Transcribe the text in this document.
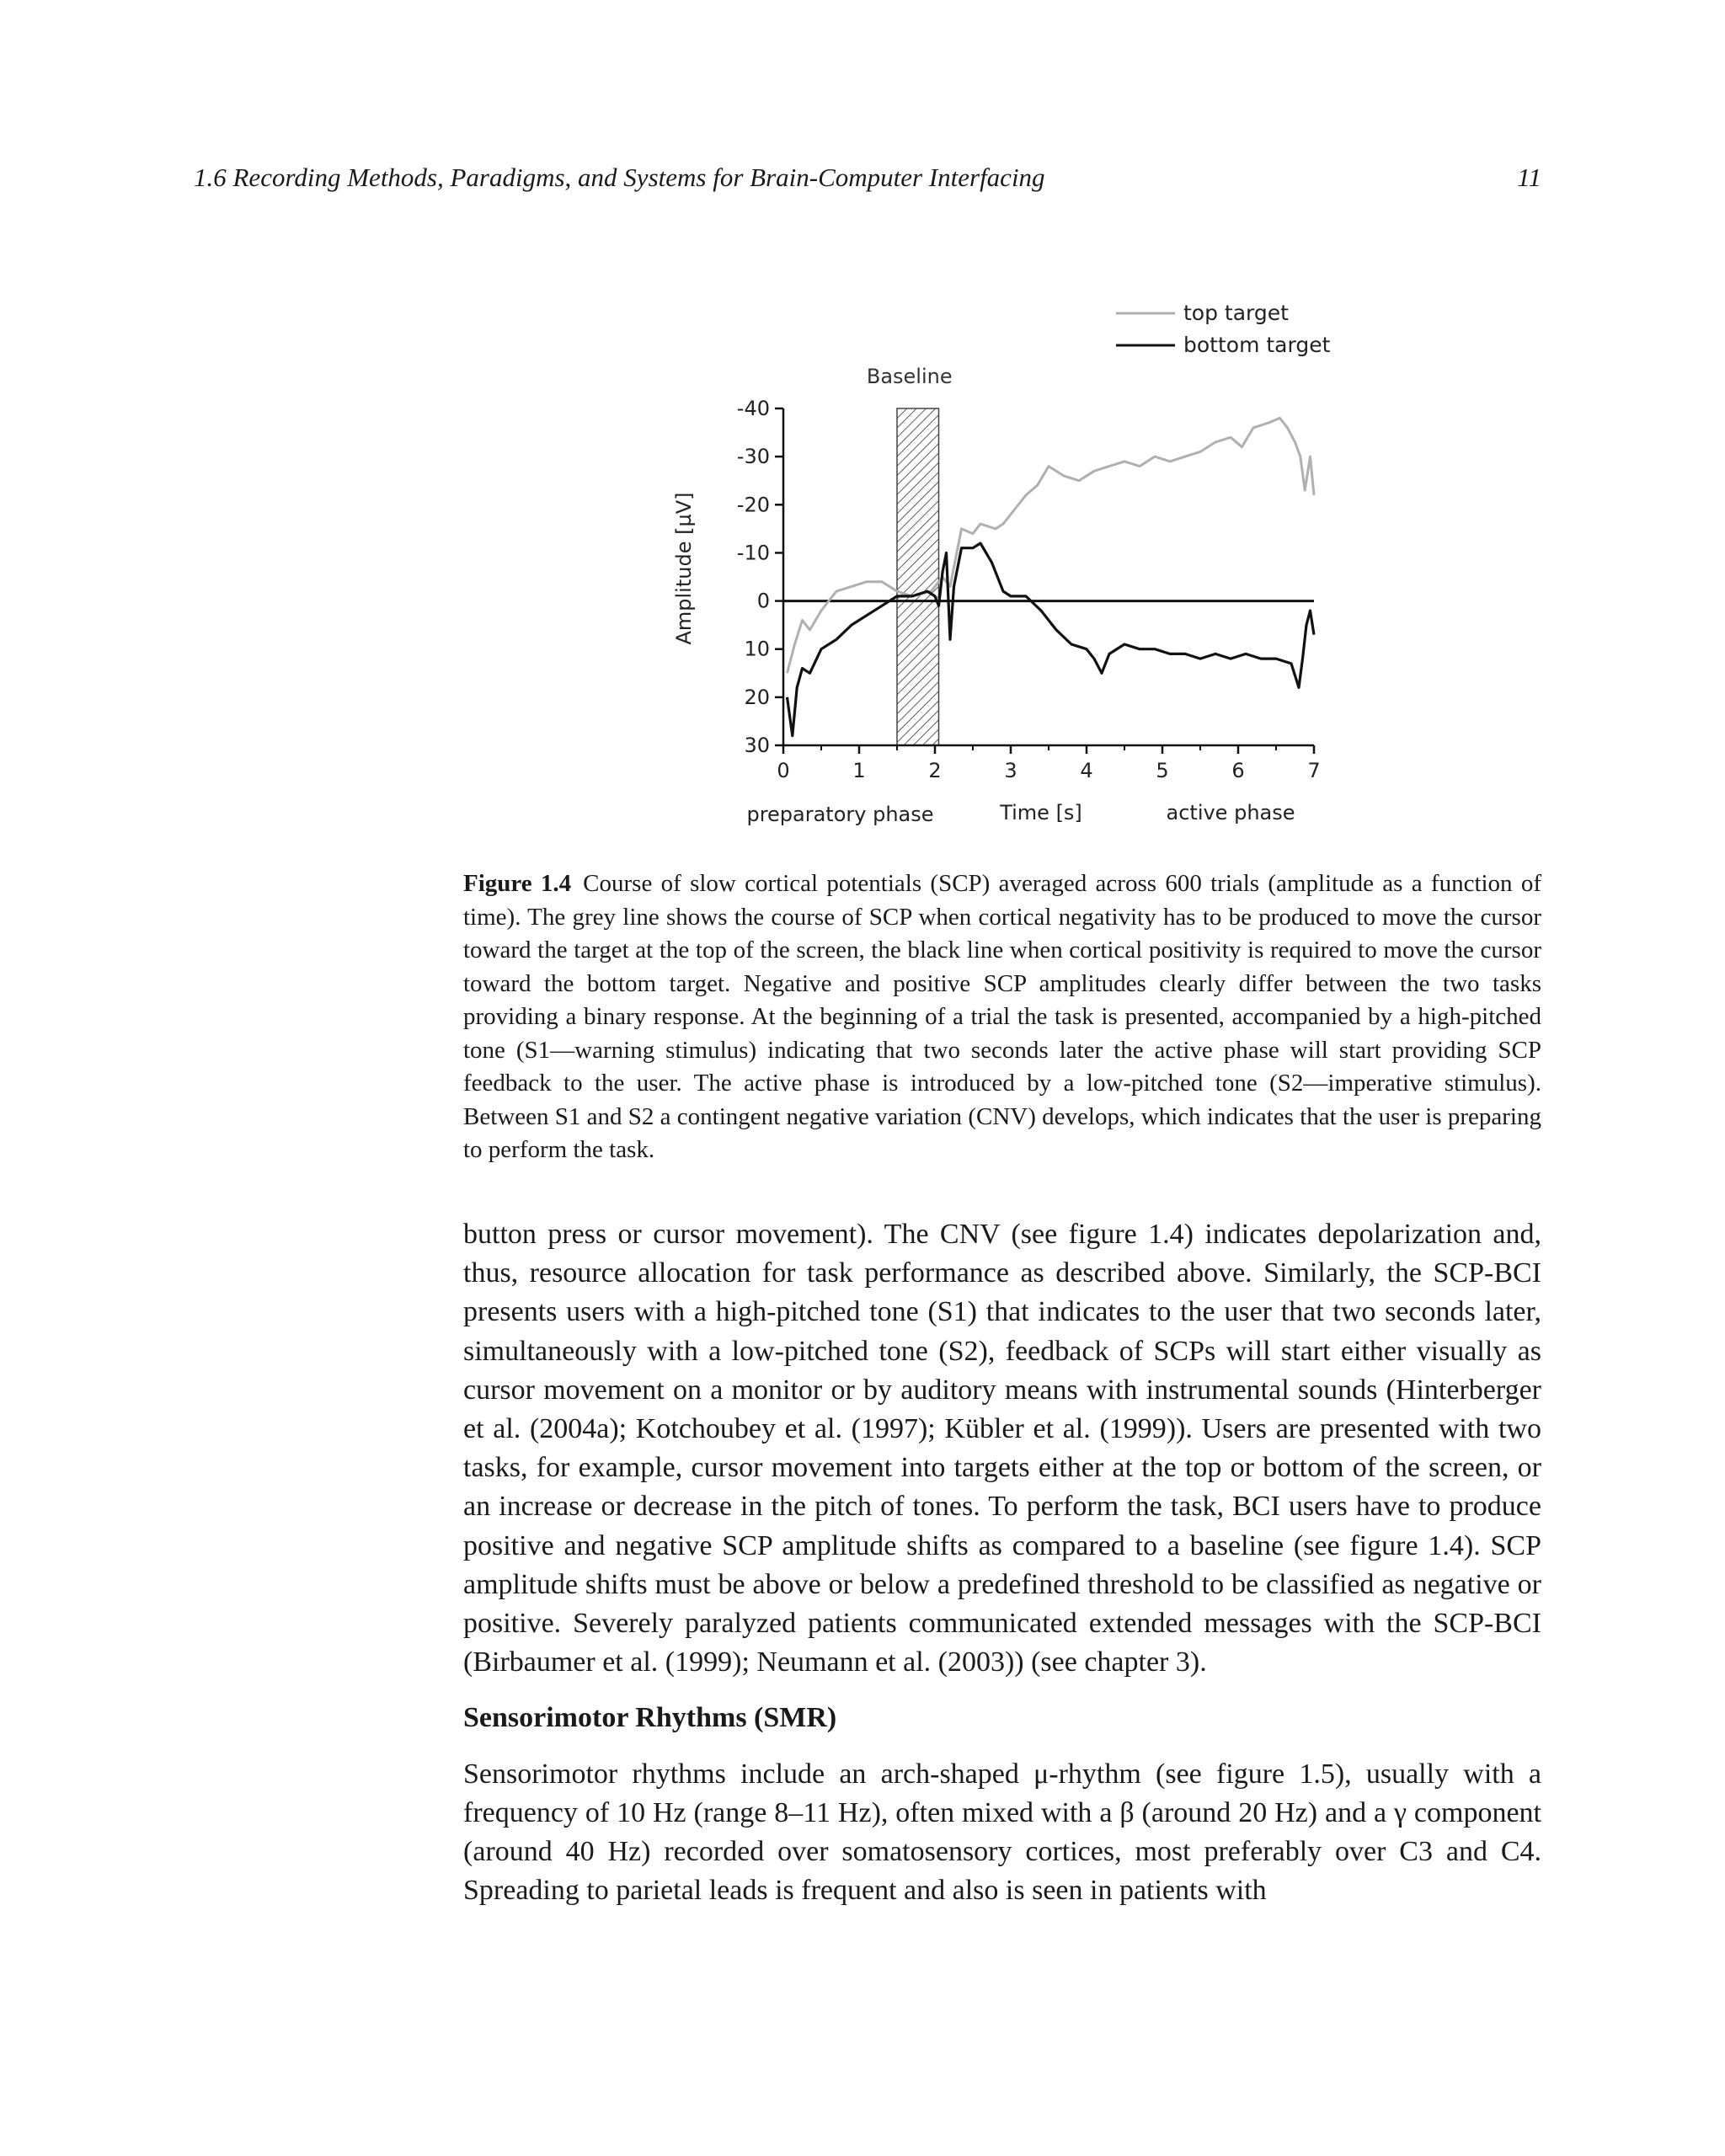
1.6 Recording Methods, Paradigms, and Systems for Brain-Computer Interfacing	11
Baseline
-40
-30
-20
-10
0
10
20
30
0	1	2	3	4	5	6	7
Amplitude [µV]
Time [s]
preparatory phase	active phase
top target
bottom target
Figure 1.4 Course of slow cortical potentials (SCP) averaged across 600 trials (amplitude as a function of time). The grey line shows the course of SCP when cortical negativity has to be produced to move the cursor toward the target at the top of the screen, the black line when cortical positivity is required to move the cursor toward the bottom target. Negative and positive SCP amplitudes clearly differ between the two tasks providing a binary response. At the beginning of a trial the task is presented, accompanied by a high-pitched tone (S1—warning stimulus) indicating that two seconds later the active phase will start providing SCP feedback to the user. The active phase is introduced by a low-pitched tone (S2—imperative stimulus). Between S1 and S2 a contingent negative variation (CNV) develops, which indicates that the user is preparing to perform the task.

button press or cursor movement). The CNV (see figure 1.4) indicates depolarization and, thus, resource allocation for task performance as described above. Similarly, the SCP-BCI presents users with a high-pitched tone (S1) that indicates to the user that two seconds later, simultaneously with a low-pitched tone (S2), feedback of SCPs will start either visually as cursor movement on a monitor or by auditory means with instrumental sounds (Hinterberger et al. (2004a); Kotchoubey et al. (1997); Kübler et al. (1999)). Users are presented with two tasks, for example, cursor movement into targets either at the top or bottom of the screen, or an increase or decrease in the pitch of tones. To perform the task, BCI users have to produce positive and negative SCP amplitude shifts as compared to a baseline (see figure 1.4). SCP amplitude shifts must be above or below a predefined threshold to be classified as negative or positive. Severely paralyzed patients communicated extended messages with the SCP-BCI (Birbaumer et al. (1999); Neumann et al. (2003)) (see chapter 3).

Sensorimotor Rhythms (SMR)

Sensorimotor rhythms include an arch-shaped μ-rhythm (see figure 1.5), usually with a frequency of 10 Hz (range 8–11 Hz), often mixed with a β (around 20 Hz) and a γ component (around 40 Hz) recorded over somatosensory cortices, most preferably over C3 and C4. Spreading to parietal leads is frequent and also is seen in patients with
